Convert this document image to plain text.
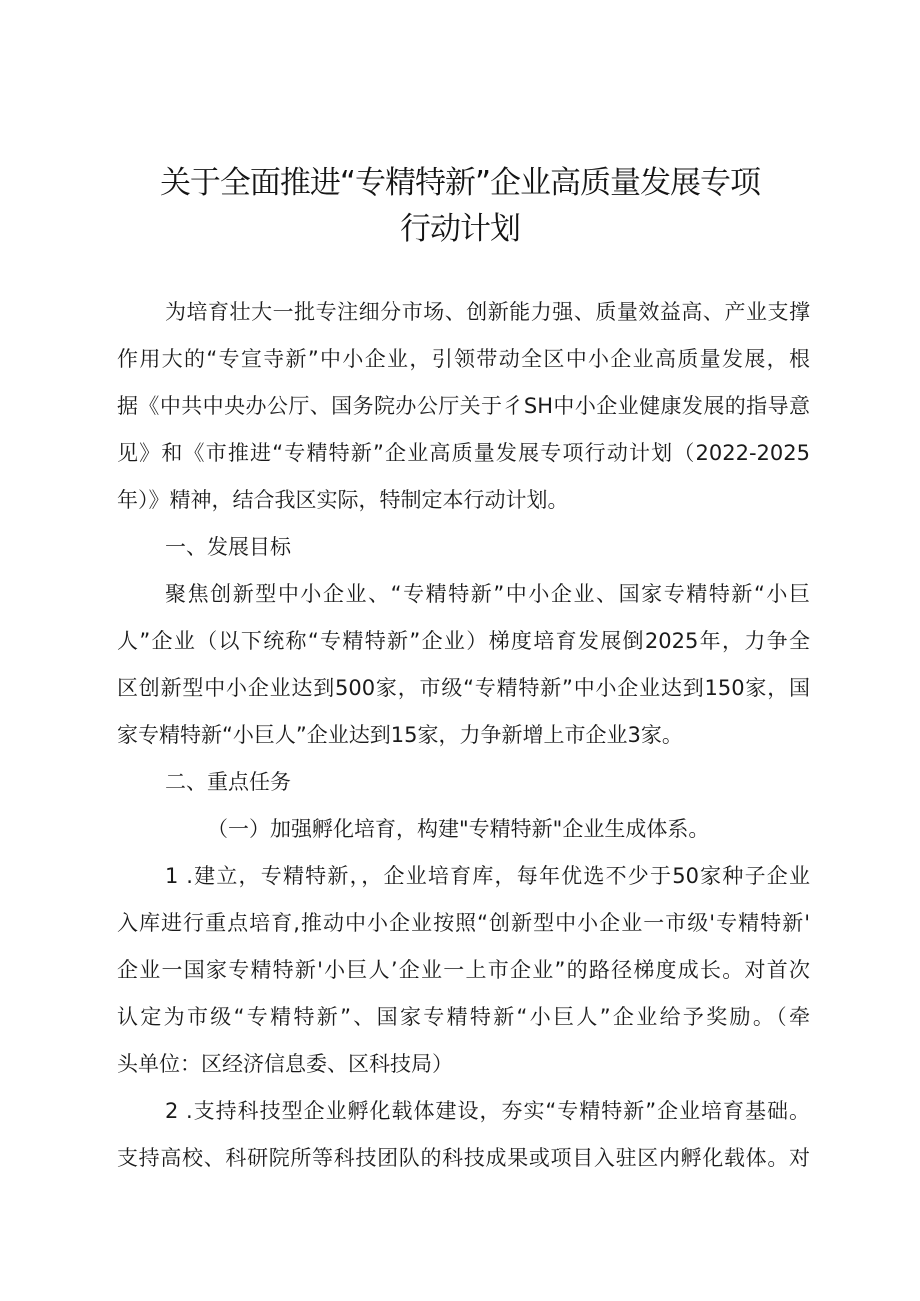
关于全面推进“专精特新”企业高质量发展专项
行动计划
为培育壮大一批专注细分市场、创新能力强、质量效益高、产业支撑
作用大的“专宣寺新”中小企业，引领带动全区中小企业高质量发展，根
据《中共中央办公厅、国务院办公厅关于彳SH中小企业健康发展的指导意
见》和《市推进“专精特新”企业高质量发展专项行动计划（2022-2025
年）》精神，结合我区实际，特制定本行动计划。
一、发展目标
聚焦创新型中小企业、“专精特新”中小企业、国家专精特新“小巨
人”企业（以下统称“专精特新”企业）梯度培育发展倒2025年，力争全
区创新型中小企业达到500家，市级“专精特新”中小企业达到150家，国
家专精特新“小巨人”企业达到15家，力争新增上市企业3家。
二、重点任务
（一）加强孵化培育，构建"专精特新"企业生成体系。
1 .建立，专精特新，，企业培育库，每年优选不少于50家种子企业
入库进行重点培育,推动中小企业按照“创新型中小企业一市级'专精特新'
企业一国家专精特新'小巨人’企业一上市企业”的路径梯度成长。对首次
认定为市级“专精特新”、国家专精特新“小巨人”企业给予奖励。（牵
头单位：区经济信息委、区科技局）
2 .支持科技型企业孵化载体建设，夯实“专精特新”企业培育基础。
支持高校、科研院所等科技团队的科技成果或项目入驻区内孵化载体。对
